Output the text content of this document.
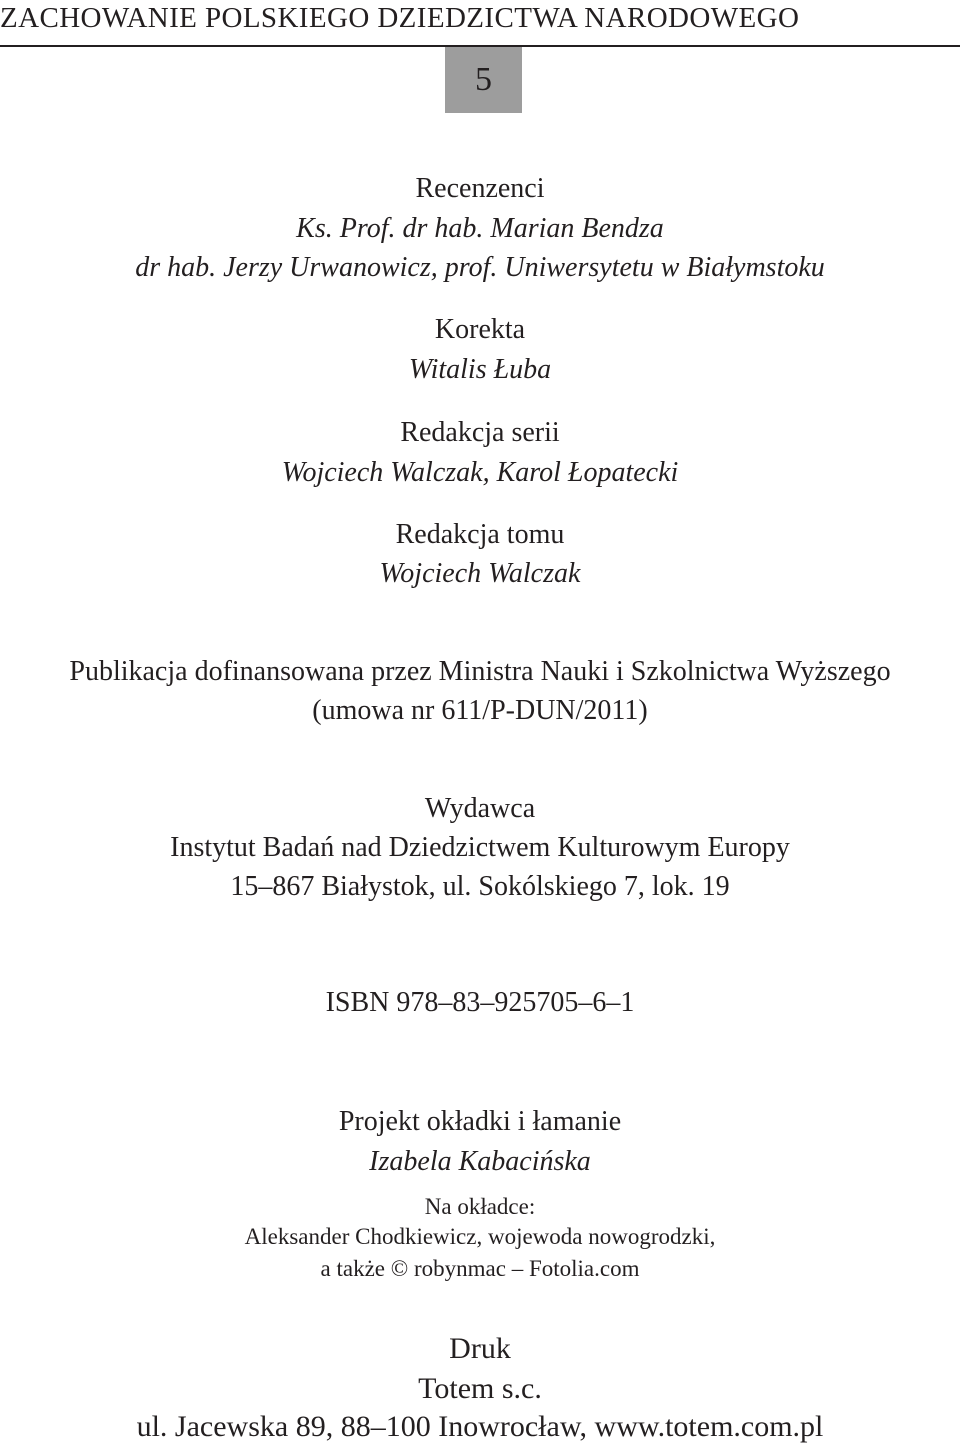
ZACHOWANIE POLSKIEGO DZIEDZICTWA NARODOWEGO
5
Recenzenci
Ks. Prof. dr hab. Marian Bendza
dr hab. Jerzy Urwanowicz, prof. Uniwersytetu w Białymstoku
Korekta
Witalis Łuba
Redakcja serii
Wojciech Walczak, Karol Łopatecki
Redakcja tomu
Wojciech Walczak
Publikacja dofinansowana przez Ministra Nauki i Szkolnictwa Wyższego
(umowa nr 611/P-DUN/2011)
Wydawca
Instytut Badań nad Dziedzictwem Kulturowym Europy
15–867 Białystok, ul. Sokólskiego 7, lok. 19
ISBN 978–83–925705–6–1
Projekt okładki i łamanie
Izabela Kabacińska
Na okładce:
Aleksander Chodkiewicz, wojewoda nowogrodzki,
a także © robynmac – Fotolia.com
Druk
Totem s.c.
ul. Jacewska 89, 88–100 Inowrocław, www.totem.com.pl
